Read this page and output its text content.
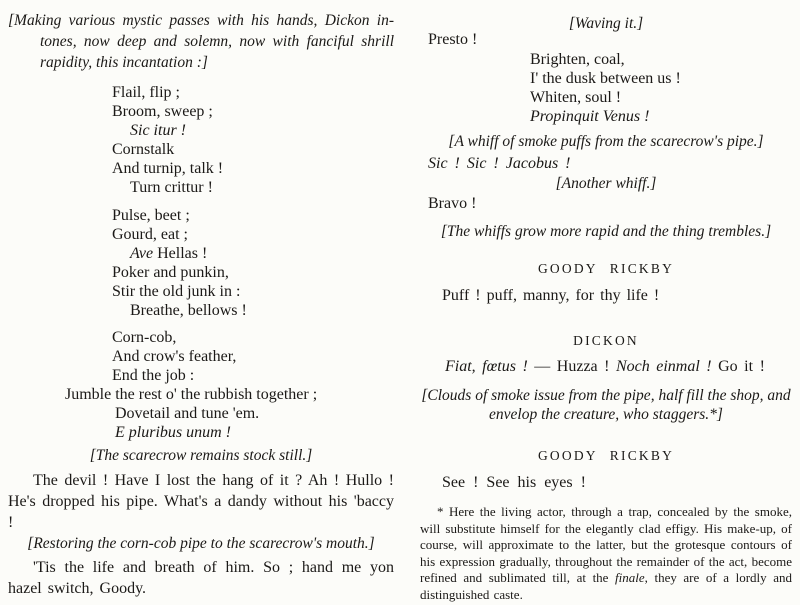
[Making various mystic passes with his hands, Dickon in-
tones, now deep and solemn, now with fanciful shrill
rapidity, this incantation :]
Flail, flip ;
Broom, sweep ;
Sic itur !
Cornstalk
And turnip, talk !
Turn crittur !
Pulse, beet ;
Gourd, eat ;
Ave Hellas !
Poker and punkin,
Stir the old junk in :
Breathe, bellows !
Corn-cob,
And crow's feather,
End the job :
Jumble the rest o' the rubbish together ;
Dovetail and tune 'em.
E pluribus unum !
[The scarecrow remains stock still.]

The devil ! Have I lost the hang of it ? Ah ! Hullo ! He's dropped his pipe. What's a dandy without his 'baccy !

[Restoring the corn-cob pipe to the scarecrow's mouth.]

'Tis the life and breath of him. So ; hand me yon hazel switch, Goody.

[Waving it.]
Presto !
Brighten, coal,
I' the dusk between us !
Whiten, soul !
Propinquit Venus !
[A whiff of smoke puffs from the scarecrow's pipe.]
Sic ! Sic ! Jacobus !
[Another whiff.]
Bravo !
[The whiffs grow more rapid and the thing trembles.]
GOODY RICKBY
Puff ! puff, manny, for thy life !
DICKON
Fiat, fœtus ! — Huzza ! Noch einmal ! Go it !
[Clouds of smoke issue from the pipe, half fill the shop, and
envelop the creature, who staggers.*]
GOODY RICKBY
See ! See his eyes !

* Here the living actor, through a trap, concealed by the smoke, will substitute himself for the elegantly clad effigy. His make-up, of course, will approximate to the latter, but the grotesque contours of his expression gradually, throughout the remainder of the act, become refined and sublimated till, at the finale, they are of a lordly and distinguished caste.
